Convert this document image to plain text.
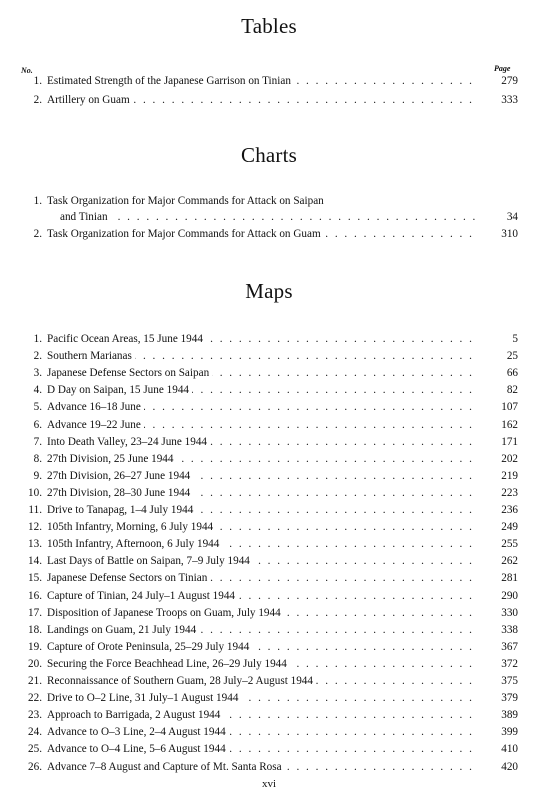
Tables
No.	Page
1. Estimated Strength of the Japanese Garrison on Tinian . . .	279
2. Artillery on Guam . . .	333
Charts
1. Task Organization for Major Commands for Attack on Saipan
and Tinian . . .	34
2. Task Organization for Major Commands for Attack on Guam . . .	310
Maps
1. Pacific Ocean Areas, 15 June 1944 . . .	5
2. Southern Marianas . . .	25
3. Japanese Defense Sectors on Saipan . . .	66
4. D Day on Saipan, 15 June 1944 . . .	82
5. Advance 16–18 June . . .	107
6. Advance 19–22 June . . .	162
7. Into Death Valley, 23–24 June 1944 . . .	171
8. 27th Division, 25 June 1944 . . .	202
9. 27th Division, 26–27 June 1944 . . .	219
10. 27th Division, 28–30 June 1944 . . .	223
11. Drive to Tanapag, 1–4 July 1944 . . .	236
12. 105th Infantry, Morning, 6 July 1944 . . .	249
13. 105th Infantry, Afternoon, 6 July 1944 . . .	255
14. Last Days of Battle on Saipan, 7–9 July 1944 . . .	262
15. Japanese Defense Sectors on Tinian . . .	281
16. Capture of Tinian, 24 July–1 August 1944 . . .	290
17. Disposition of Japanese Troops on Guam, July 1944 . . .	330
18. Landings on Guam, 21 July 1944 . . .	338
19. Capture of Orote Peninsula, 25–29 July 1944 . . .	367
20. Securing the Force Beachhead Line, 26–29 July 1944 . . .	372
21. Reconnaissance of Southern Guam, 28 July–2 August 1944 . . .	375
22. Drive to O–2 Line, 31 July–1 August 1944 . . .	379
23. Approach to Barrigada, 2 August 1944 . . .	389
24. Advance to O–3 Line, 2–4 August 1944 . . .	399
25. Advance to O–4 Line, 5–6 August 1944 . . .	410
26. Advance 7–8 August and Capture of Mt. Santa Rosa . . .	420
xvi
